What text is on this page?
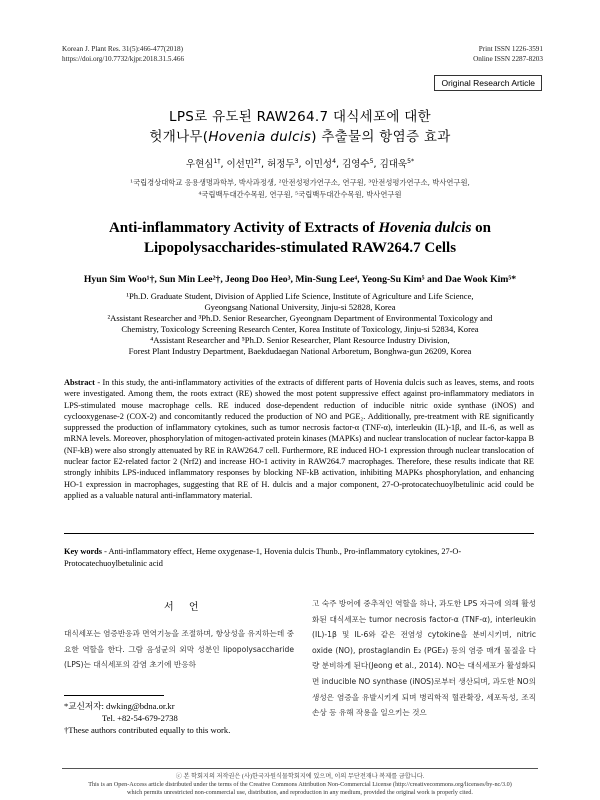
Korean J. Plant Res. 31(5):466-477(2018)
https://doi.org/10.7732/kjpr.2018.31.5.466
Print ISSN 1226-3591
Online ISSN 2287-8203
Original Research Article
LPS로 유도된 RAW264.7 대식세포에 대한
헛개나무(Hovenia dulcis) 추출물의 항염증 효과
우현심$^{1\dagger}$, 이선민$^{2\dagger}$, 허정두$^3$, 이민성$^4$, 김영수$^5$, 김대욱$^{5*}$
¹국립경상대학교 응용생명과학부, 박사과정생, ²안전성평가연구소, 연구원, ³안전성평가연구소, 박사연구원,
⁴국립백두대간수목원, 연구원, ⁵국립백두대간수목원, 박사연구원
Anti-inflammatory Activity of Extracts of Hovenia dulcis on
Lipopolysaccharides-stimulated RAW264.7 Cells
Hyun Sim Woo¹†, Sun Min Lee²†, Jeong Doo Heo³, Min-Sung Lee⁴, Yeong-Su Kim⁵ and Dae Wook Kim⁵*
¹Ph.D. Graduate Student, Division of Applied Life Science, Institute of Agriculture and Life Science,
Gyeongsang National University, Jinju-si 52828, Korea
²Assistant Researcher and ³Ph.D. Senior Researcher, Gyeongnam Department of Environmental Toxicology and
Chemistry, Toxicology Screening Research Center, Korea Institute of Toxicology, Jinju-si 52834, Korea
⁴Assistant Researcher and ⁵Ph.D. Senior Researcher, Plant Resource Industry Division,
Forest Plant Industry Department, Baekdudaegan National Arboretum, Bonghwa-gun 26209, Korea
Abstract - In this study, the anti-inflammatory activities of the extracts of different parts of Hovenia dulcis such as leaves, stems, and roots were investigated. Among them, the roots extract (RE) showed the most potent suppressive effect against pro-inflammatory mediators in LPS-stimulated mouse macrophage cells. RE induced dose-dependent reduction of inducible nitric oxide synthase (iNOS) and cyclooxygenase-2 (COX-2) and concomitantly reduced the production of NO and PGE₂. Additionally, pre-treatment with RE significantly suppressed the production of inflammatory cytokines, such as tumor necrosis factor-α (TNF-α), interleukin (IL)-1β, and IL-6, as well as mRNA levels. Moreover, phosphorylation of mitogen-activated protein kinases (MAPKs) and nuclear translocation of nuclear factor-kappa B (NF-kB) were also strongly attenuated by RE in RAW264.7 cell. Furthermore, RE induced HO-1 expression through nuclear translocation of nuclear factor E2-related factor 2 (Nrf2) and increase HO-1 activity in RAW264.7 macrophages. Therefore, these results indicate that RE strongly inhibits LPS-induced inflammatory responses by blocking NF-kB activation, inhibiting MAPKs phosphorylation, and enhancing HO-1 expression in macrophages, suggesting that RE of H. dulcis and a major component, 27-O-protocatechuoylbetulinic acid could be applied as a valuable natural anti-inflammatory material.
Key words - Anti-inflammatory effect, Heme oxygenase-1, Hovenia dulcis Thunb., Pro-inflammatory cytokines, 27-O-Protocatechuoylbetulinic acid
서 언
대식세포는 염증반응과 면역기능을 조절하며, 항상성을 유지하는데 중요한 역할을 한다. 그람 음성균의 외막 성분인 lipopolysaccharide (LPS)는 대식세포의 감염 초기에 반응하
*교신저자: dwking@bdna.or.kr
Tel. +82-54-679-2738
†These authors contributed equally to this work.
고 숙주 방어에 중추적인 역할을 하나, 과도한 LPS 자극에 의해 활성화된 대식세포는 tumor necrosis factor-α (TNF-α), interleukin (IL)-1β 및 IL-6와 같은 전염성 cytokine을 분비시키며, nitric oxide (NO), prostaglandin E₂ (PGE₂) 등의 염증 매개 물질을 다량 분비하게 된다(Jeong et al., 2014). NO는 대식세포가 활성화되면 inducible NO synthase (iNOS)로부터 생산되며, 과도한 NO의 생성은 염증을 유발시키게 되며 병리학적 혈관확장, 세포독성, 조직 손상 등 유해 작용을 일으키는 것으
ⓒ 본 학회지의 저작권은 (사)한국자원식물학회지에 있으며, 이의 무단전재나 복제를 금합니다.
This is an Open-Access article distributed under the terms of the Creative Commons Attribution Non-Commercial License (http://creativecommons.org/licenses/by-nc/3.0)
which permits unrestricted non-commercial use, distribution, and reproduction in any medium, provided the original work is properly cited.
